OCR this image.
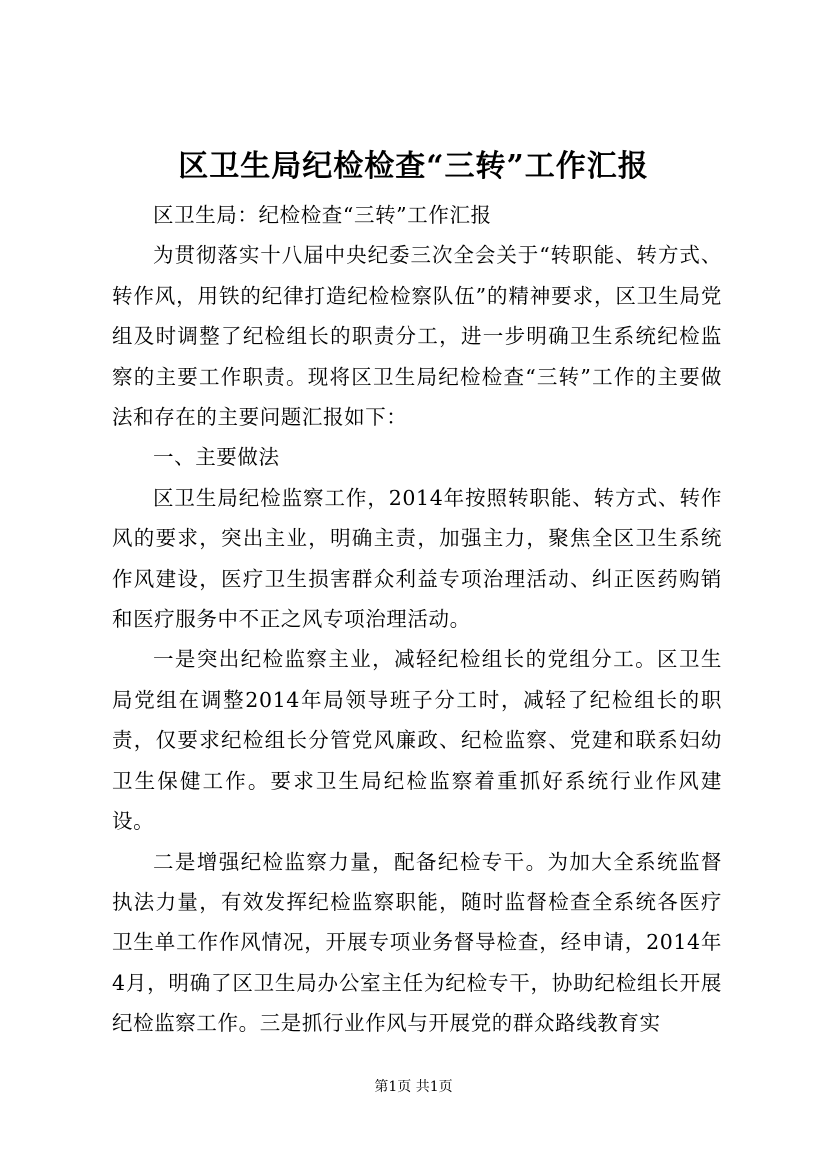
区卫生局纪检检查“三转”工作汇报

区卫生局：纪检检查“三转”工作汇报

为贯彻落实十八届中央纪委三次全会关于“转职能、转方式、转作风，用铁的纪律打造纪检检察队伍”的精神要求，区卫生局党组及时调整了纪检组长的职责分工，进一步明确卫生系统纪检监察的主要工作职责。现将区卫生局纪检检查“三转”工作的主要做法和存在的主要问题汇报如下：

一、主要做法

区卫生局纪检监察工作，2014年按照转职能、转方式、转作风的要求，突出主业，明确主责，加强主力，聚焦全区卫生系统作风建设，医疗卫生损害群众利益专项治理活动、纠正医药购销和医疗服务中不正之风专项治理活动。

一是突出纪检监察主业，减轻纪检组长的党组分工。区卫生局党组在调整2014年局领导班子分工时，减轻了纪检组长的职责，仅要求纪检组长分管党风廉政、纪检监察、党建和联系妇幼卫生保健工作。要求卫生局纪检监察着重抓好系统行业作风建设。

二是增强纪检监察力量，配备纪检专干。为加大全系统监督执法力量，有效发挥纪检监察职能，随时监督检查全系统各医疗卫生单工作作风情况，开展专项业务督导检查，经申请，2014年4月，明确了区卫生局办公室主任为纪检专干，协助纪检组长开展纪检监察工作。三是抓行业作风与开展党的群众路线教育实

第1页 共1页
